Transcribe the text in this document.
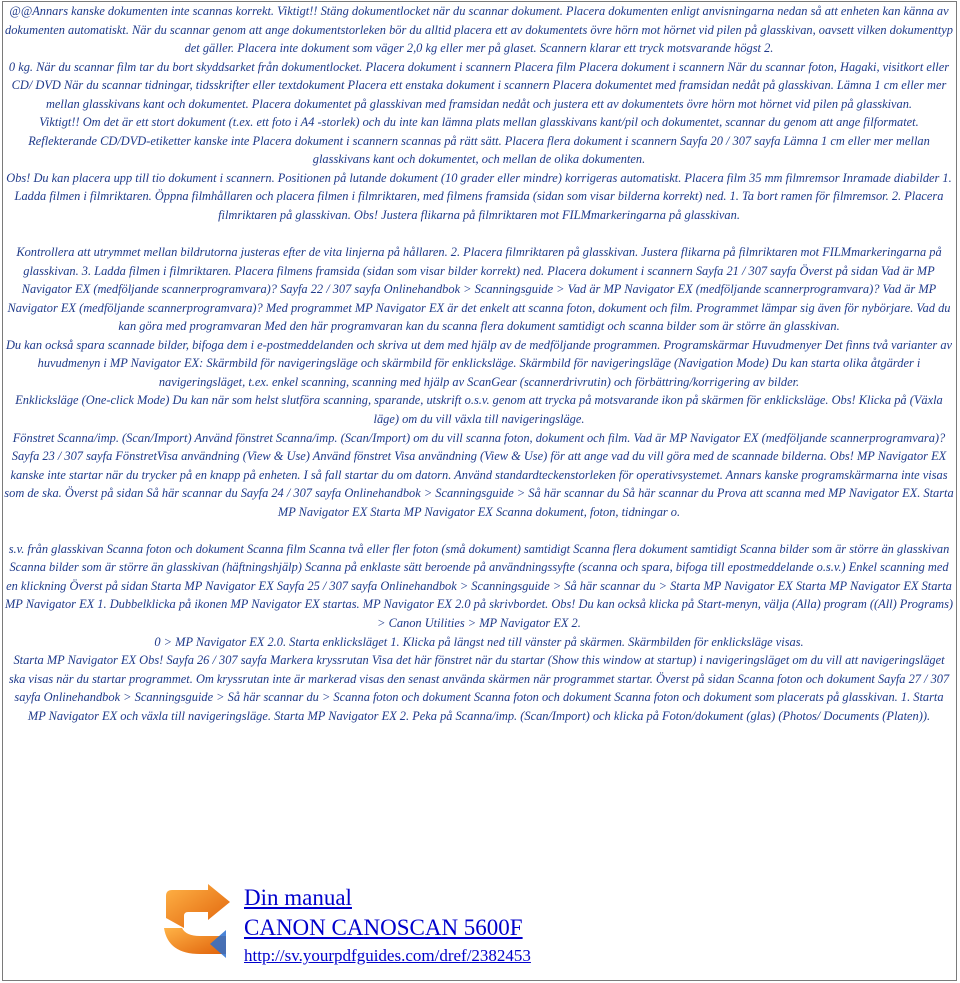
@@Annars kanske dokumenten inte scannas korrekt. Viktigt!! Stäng dokumentlocket när du scannar dokument. Placera dokumenten enligt anvisningarna nedan så att enheten kan känna av dokumenten automatiskt. När du scannar genom att ange dokumentstorleken bör du alltid placera ett av dokumentets övre hörn mot hörnet vid pilen på glasskivan, oavsett vilken dokumenttyp det gäller. Placera inte dokument som väger 2,0 kg eller mer på glaset. Scannern klarar ett tryck motsvarande högst 2.

0 kg. När du scannar film tar du bort skyddsarket från dokumentlocket. Placera dokument i scannern Placera film Placera dokument i scannern När du scannar foton, Hagaki, visitkort eller CD/ DVD När du scannar tidningar, tidsskrifter eller textdokument Placera ett enstaka dokument i scannern Placera dokumentet med framsidan nedåt på glasskivan. Lämna 1 cm eller mer mellan glasskivans kant och dokumentet. Placera dokumentet på glasskivan med framsidan nedåt och justera ett av dokumentets övre hörn mot hörnet vid pilen på glasskivan.

Viktigt!! Om det är ett stort dokument (t.ex. ett foto i A4 -storlek) och du inte kan lämna plats mellan glasskivans kant/pil och dokumentet, scannar du genom att ange filformatet. Reflekterande CD/DVD-etiketter kanske inte Placera dokument i scannern scannas på rätt sätt. Placera flera dokument i scannern Sayfa 20 / 307 sayfa Lämna 1 cm eller mer mellan glasskivans kant och dokumentet, och mellan de olika dokumenten.

Obs! Du kan placera upp till tio dokument i scannern. Positionen på lutande dokument (10 grader eller mindre) korrigeras automatiskt. Placera film 35 mm filmremsor Inramade diabilder 1. Ladda filmen i filmriktaren. Öppna filmhållaren och placera filmen i filmriktaren, med filmens framsida (sidan som visar bilderna korrekt) ned. 1. Ta bort ramen för filmremsor. 2. Placera filmriktaren på glasskivan. Obs! Justera flikarna på filmriktaren mot FILMmarkeringarna på glasskivan.

Kontrollera att utrymmet mellan bildrutorna justeras efter de vita linjerna på hållaren. 2. Placera filmriktaren på glasskivan. Justera flikarna på filmriktaren mot FILMmarkeringarna på glasskivan. 3. Ladda filmen i filmriktaren. Placera filmens framsida (sidan som visar bilder korrekt) ned. Placera dokument i scannern Sayfa 21 / 307 sayfa Överst på sidan Vad är MP Navigator EX (medföljande scannerprogramvara)? Sayfa 22 / 307 sayfa Onlinehandbok > Scanningsguide > Vad är MP Navigator EX (medföljande scannerprogramvara)? Vad är MP Navigator EX (medföljande scannerprogramvara)? Med programmet MP Navigator EX är det enkelt att scanna foton, dokument och film. Programmet lämpar sig även för nybörjare. Vad du kan göra med programvaran Med den här programvaran kan du scanna flera dokument samtidigt och scanna bilder som är större än glasskivan.

Du kan också spara scannade bilder, bifoga dem i e-postmeddelanden och skriva ut dem med hjälp av de medföljande programmen. Programskärmar Huvudmenyer Det finns två varianter av huvudmenyn i MP Navigator EX: Skärmbild för navigeringsläge och skärmbild för enklicksläge. Skärmbild för navigeringsläge (Navigation Mode) Du kan starta olika åtgärder i navigeringsläget, t.ex. enkel scanning, scanning med hjälp av ScanGear (scannerdrivrutin) och förbättring/korrigering av bilder.

Enklicksläge (One-click Mode) Du kan när som helst slutföra scanning, sparande, utskrift o.s.v. genom att trycka på motsvarande ikon på skärmen för enklicksläge. Obs! Klicka på (Växla läge) om du vill växla till navigeringsläge.

Fönstret Scanna/imp. (Scan/Import) Använd fönstret Scanna/imp. (Scan/Import) om du vill scanna foton, dokument och film. Vad är MP Navigator EX (medföljande scannerprogramvara)? Sayfa 23 / 307 sayfa FönstretVisa användning (View & Use) Använd fönstret Visa användning (View & Use) för att ange vad du vill göra med de scannade bilderna. Obs! MP Navigator EX kanske inte startar när du trycker på en knapp på enheten. I så fall startar du om datorn. Använd standardteckenstorleken för operativsystemet. Annars kanske programskärmarna inte visas som de ska. Överst på sidan Så här scannar du Sayfa 24 / 307 sayfa Onlinehandbok > Scanningsguide > Så här scannar du Så här scannar du Prova att scanna med MP Navigator EX. Starta MP Navigator EX Starta MP Navigator EX Scanna dokument, foton, tidningar o.

s.v. från glasskivan Scanna foton och dokument Scanna film Scanna två eller fler foton (små dokument) samtidigt Scanna flera dokument samtidigt Scanna bilder som är större än glasskivan Scanna bilder som är större än glasskivan (häftningshjälp) Scanna på enklaste sätt beroende på användningssyfte (scanna och spara, bifoga till epostmeddelande o.s.v.) Enkel scanning med en klickning Överst på sidan Starta MP Navigator EX Sayfa 25 / 307 sayfa Onlinehandbok > Scanningsguide > Så här scannar du > Starta MP Navigator EX Starta MP Navigator EX Starta MP Navigator EX 1. Dubbelklicka på ikonen MP Navigator EX startas. MP Navigator EX 2.0 på skrivbordet. Obs! Du kan också klicka på Start-menyn, välja (Alla) program ((All) Programs) > Canon Utilities > MP Navigator EX 2.

0 > MP Navigator EX 2.0. Starta enklicksläget 1. Klicka på längst ned till vänster på skärmen. Skärmbilden för enklicksläge visas.

Starta MP Navigator EX Obs! Sayfa 26 / 307 sayfa Markera kryssrutan Visa det här fönstret när du startar (Show this window at startup) i navigeringsläget om du vill att navigeringsläget ska visas när du startar programmet. Om kryssrutan inte är markerad visas den senast använda skärmen när programmet startar. Överst på sidan Scanna foton och dokument Sayfa 27 / 307 sayfa Onlinehandbok > Scanningsguide > Så här scannar du > Scanna foton och dokument Scanna foton och dokument Scanna foton och dokument som placerats på glasskivan. 1. Starta MP Navigator EX och växla till navigeringsläge. Starta MP Navigator EX 2. Peka på Scanna/imp. (Scan/Import) och klicka på Foton/dokument (glas) (Photos/ Documents (Platen)).

Din manual
CANON CANOSCAN 5600F
http://sv.yourpdfguides.com/dref/2382453
